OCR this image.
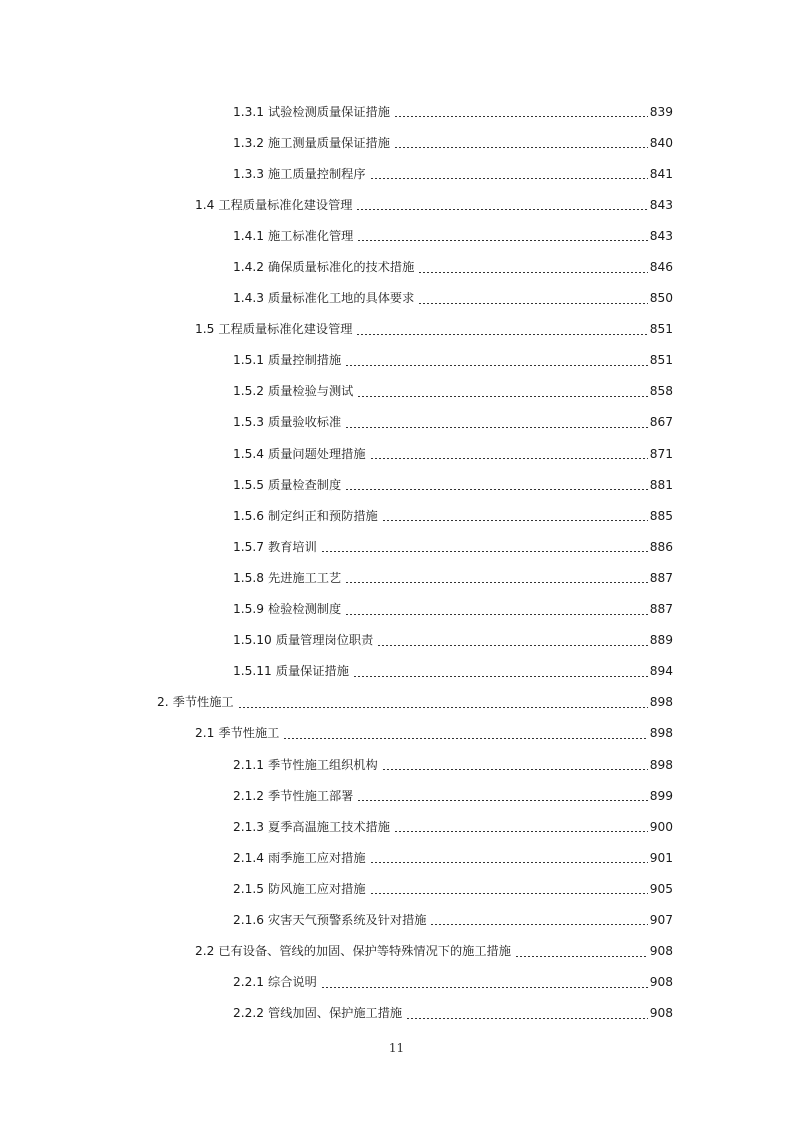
1.3.1 试验检测质量保证措施	839
1.3.2 施工测量质量保证措施	840
1.3.3 施工质量控制程序	841
1.4 工程质量标准化建设管理	843
1.4.1 施工标准化管理	843
1.4.2 确保质量标准化的技术措施	846
1.4.3 质量标准化工地的具体要求	850
1.5 工程质量标准化建设管理	851
1.5.1 质量控制措施	851
1.5.2 质量检验与测试	858
1.5.3 质量验收标准	867
1.5.4 质量问题处理措施	871
1.5.5 质量检查制度	881
1.5.6 制定纠正和预防措施	885
1.5.7 教育培训	886
1.5.8 先进施工工艺	887
1.5.9 检验检测制度	887
1.5.10 质量管理岗位职责	889
1.5.11 质量保证措施	894
2. 季节性施工	898
2.1 季节性施工	898
2.1.1 季节性施工组织机构	898
2.1.2 季节性施工部署	899
2.1.3 夏季高温施工技术措施	900
2.1.4 雨季施工应对措施	901
2.1.5 防风施工应对措施	905
2.1.6 灾害天气预警系统及针对措施	907
2.2 已有设备、管线的加固、保护等特殊情况下的施工措施	908
2.2.1 综合说明	908
2.2.2 管线加固、保护施工措施	908
11
